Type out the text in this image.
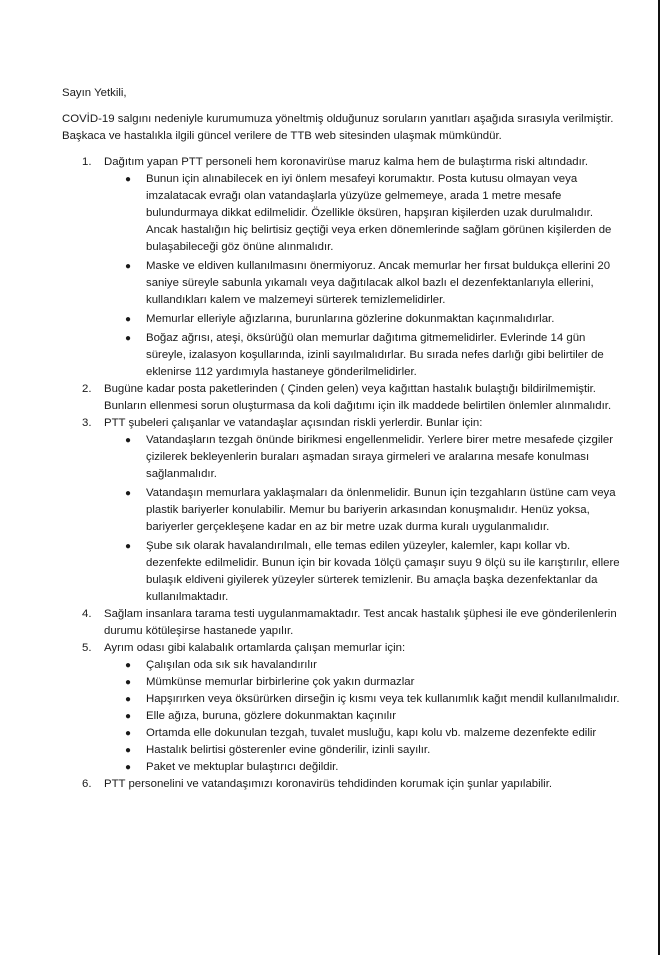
Sayın Yetkili,

COVİD-19 salgını nedeniyle kurumumuza yöneltmiş olduğunuz soruların yanıtları aşağıda sırasıyla verilmiştir. Başkaca ve hastalıkla ilgili güncel verilere de TTB web sitesinden ulaşmak mümkündür.

1. Dağıtım yapan PTT personeli hem koronavirüse maruz kalma hem de bulaştırma riski altındadır.
● Bunun için alınabilecek en iyi önlem mesafeyi korumaktır. Posta kutusu olmayan veya imzalatacak evrağı olan vatandaşlarla yüzyüze gelmemeye, arada 1 metre mesafe bulundurmaya dikkat edilmelidir. Özellikle öksüren, hapşıran kişilerden uzak durulmalıdır. Ancak hastalığın hiç belirtisiz geçtiği veya erken dönemlerinde sağlam görünen kişilerden de bulaşabileceği göz önüne alınmalıdır.
● Maske ve eldiven kullanılmasını önermiyoruz. Ancak memurlar her fırsat buldukça ellerini 20 saniye süreyle sabunla yıkamalı veya dağıtılacak alkol bazlı el dezenfektanlarıyla ellerini, kullandıkları kalem ve malzemeyi sürterek temizlemelidirler.
● Memurlar elleriyle ağızlarına, burunlarına gözlerine dokunmaktan kaçınmalıdırlar.
● Boğaz ağrısı, ateşi, öksürüğü olan memurlar dağıtıma gitmemelidirler. Evlerinde 14 gün süreyle, izalasyon koşullarında, izinli sayılmalıdırlar. Bu sırada nefes darlığı gibi belirtiler de eklenirse 112 yardımıyla hastaneye gönderilmelidirler.
2. Bugüne kadar posta paketlerinden ( Çinden gelen) veya kağıttan hastalık bulaştığı bildirilmemiştir. Bunların ellenmesi sorun oluşturmasa da koli dağıtımı için ilk maddede belirtilen önlemler alınmalıdır.
3. PTT şubeleri çalışanlar ve vatandaşlar açısından riskli yerlerdir. Bunlar için:
● Vatandaşların tezgah önünde birikmesi engellenmelidir. Yerlere birer metre mesafede çizgiler çizilerek bekleyenlerin buraları aşmadan sıraya girmeleri ve aralarına mesafe konulması sağlanmalıdır.
● Vatandaşın memurlara yaklaşmaları da önlenmelidir. Bunun için tezgahların üstüne cam veya plastik bariyerler konulabilir. Memur bu bariyerin arkasından konuşmalıdır. Henüz yoksa, bariyerler gerçekleşene kadar en az bir metre uzak durma kuralı uygulanmalıdır.
● Şube sık olarak havalandırılmalı, elle temas edilen yüzeyler, kalemler, kapı kollar vb. dezenfekte edilmelidir. Bunun için bir kovada 1ölçü çamaşır suyu 9 ölçü su ile karıştırılır, ellere bulaşık eldiveni giyilerek yüzeyler sürterek temizlenir. Bu amaçla başka dezenfektanlar da kullanılmaktadır.
4. Sağlam insanlara tarama testi uygulanmamaktadır. Test ancak hastalık şüphesi ile eve gönderilenlerin durumu kötüleşirse hastanede yapılır.
5. Ayrım odası gibi kalabalık ortamlarda çalışan memurlar için:
● Çalışılan oda sık sık havalandırılır
● Mümkünse memurlar birbirlerine çok yakın durmazlar
● Hapşırırken veya öksürürken dirseğin iç kısmı veya tek kullanımlık kağıt mendil kullanılmalıdır.
● Elle ağıza, buruna, gözlere dokunmaktan kaçınılır
● Ortamda elle dokunulan tezgah, tuvalet musluğu, kapı kolu vb. malzeme dezenfekte edilir
● Hastalık belirtisi gösterenler evine gönderilir, izinli sayılır.
● Paket ve mektuplar bulaştırıcı değildir.
6. PTT personelini ve vatandaşımızı koronavirüs tehdidinden korumak için şunlar yapılabilir.
